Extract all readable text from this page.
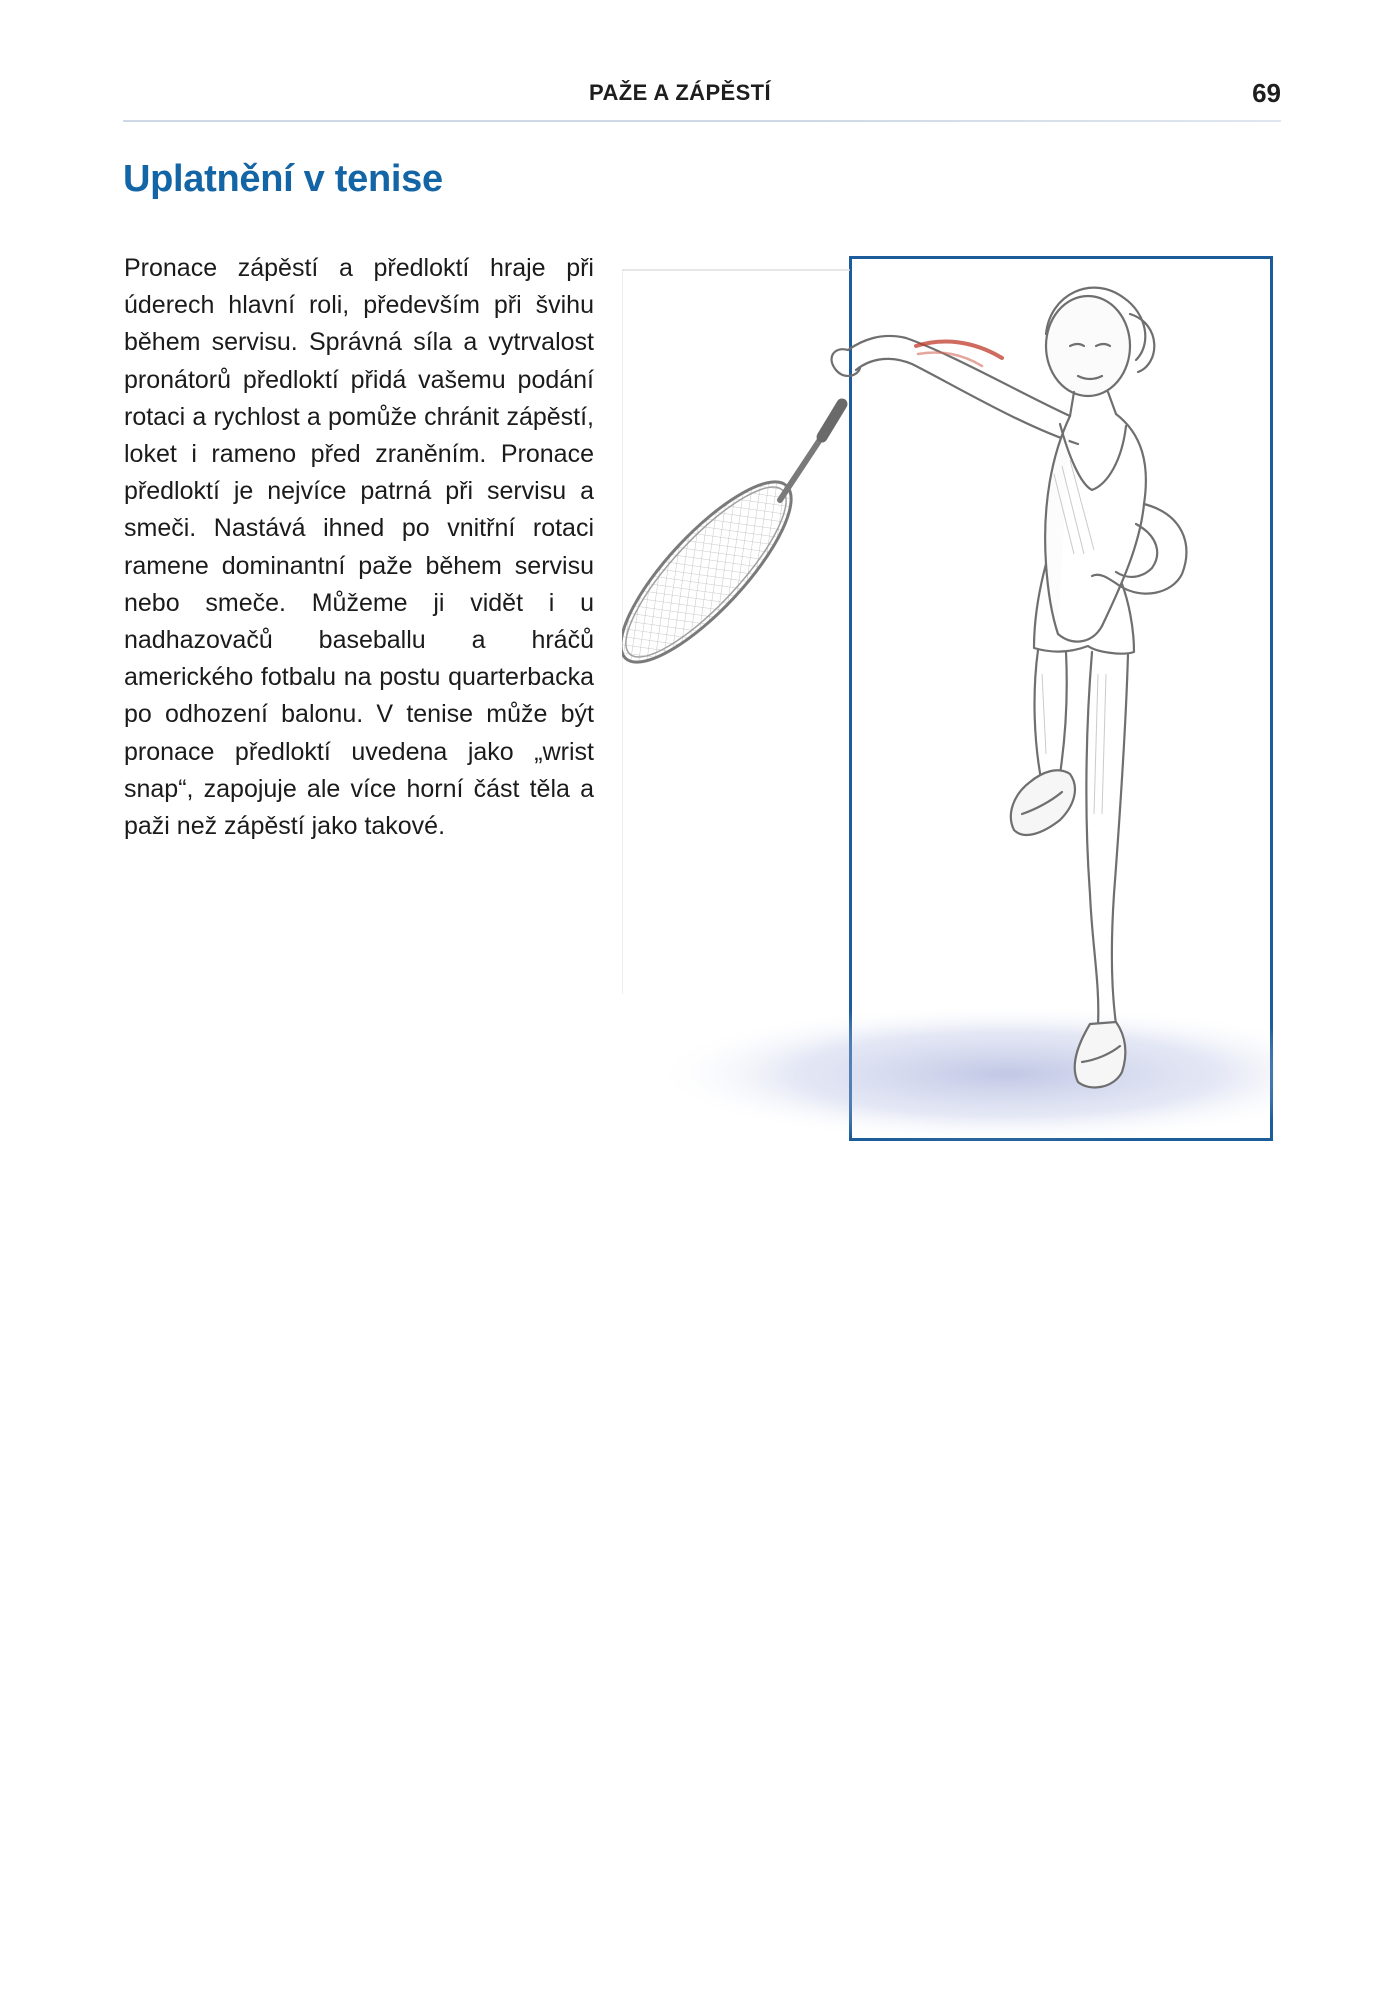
PAŽE A ZÁPĚSTÍ	69
Uplatnění v tenise

Pronace zápěstí a předloktí hraje při úderech hlavní roli, především při švihu během servisu. Správná síla a vytrvalost pronátorů předloktí přidá vašemu podání rotaci a rychlost a pomůže chránit zápěstí, loket i rameno před zraněním. Pronace předloktí je nejvíce patrná při servisu a smeči. Nastává ihned po vnitřní rotaci ramene dominantní paže během servisu nebo smeče. Můžeme ji vidět i u nadhazovačů baseballu a hráčů amerického fotbalu na postu quarterbacka po odhození balonu. V tenise může být pronace předloktí uvedena jako „wrist snap“, zapojuje ale více horní část těla a paži než zápěstí jako takové.
